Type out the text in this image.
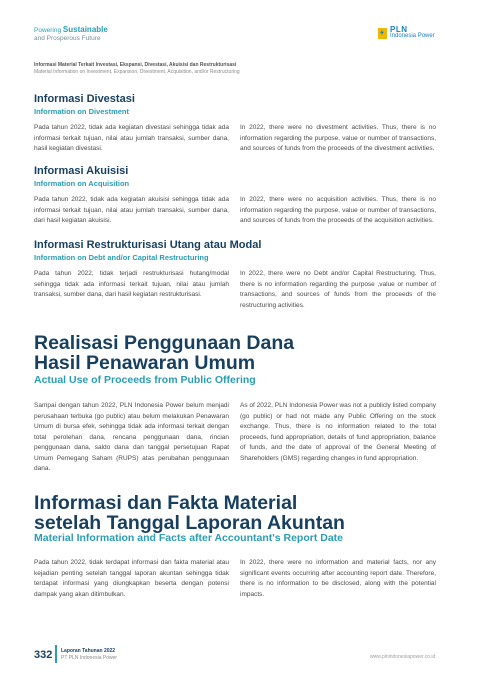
Powering Sustainable
and Prosperous Future
PLN
Indonesia Power
Informasi Material Terkait Investasi, Ekspansi, Divestasi, Akuisisi dan Restrukturisasi
Material Information on Investment, Expansion, Divestment, Acquisition, and/or Restructuring
Informasi Divestasi
Information on Divestment
Pada tahun 2022, tidak ada kegiatan divestasi sehingga tidak ada informasi terkait tujuan, nilai atau jumlah transaksi, sumber dana, hasil kegiatan divestasi.
In 2022, there were no divestment activities. Thus, there is no information regarding the purpose, value or number of transactions, and sources of funds from the proceeds of the divestment activities.
Informasi Akuisisi
Information on Acquisition
Pada tahun 2022, tidak ada kegiatan akuisisi sehingga tidak ada informasi terkait tujuan, nilai atau jumlah transaksi, sumber dana, dari hasil kegiatan akuisisi.
In 2022, there were no acquisition activities. Thus, there is no information regarding the purpose, value or number of transactions, and sources of funds from the proceeds of the acquisition activities.
Informasi Restrukturisasi Utang atau Modal
Information on Debt and/or Capital Restructuring
Pada tahun 2022, tidak terjadi restrukturisasi hutang/modal sehingga tidak ada informasi terkait tujuan, nilai atau jumlah transaksi, sumber dana, dari hasil kegiatan restrukturisasi.
In 2022, there were no Debt and/or Capital Restructuring. Thus, there is no information regarding the purpose ,value or number of transactions, and sources of funds from the proceeds of the restructuring activities.
Realisasi Penggunaan Dana
Hasil Penawaran Umum
Actual Use of Proceeds from Public Offering
Sampai dengan tahun 2022, PLN Indonesia Power belum menjadi perusahaan terbuka (go public) atau belum melakukan Penawaran Umum di bursa efek, sehingga tidak ada informasi terkait dengan total perolehan dana, rencana penggunaan dana, rincian penggunaan dana, saldo dana dan tanggal persetujuan Rapat Umum Pemegang Saham (RUPS) atas perubahan penggunaan dana.
As of 2022, PLN Indonesia Power was not a publicly listed company (go public) or had not made any Public Offering on the stock exchange. Thus, there is no information related to the total proceeds, fund appropriation, details of fund appropriation, balance of funds, and the date of approval of the General Meeting of Shareholders (GMS) regarding changes in fund appropriation.
Informasi dan Fakta Material
setelah Tanggal Laporan Akuntan
Material Information and Facts after Accountant's Report Date
Pada tahun 2022, tidak terdapat informasi dan fakta material atau kejadian penting setelah tanggal laporan akuntan sehingga tidak terdapat informasi yang diungkapkan beserta dengan potensi dampak yang akan ditimbulkan.
In 2022, there were no information and material facts, nor any significant events occurring after accounting report date. Therefore, there is no information to be disclosed, along with the potential impacts.
332 Laporan Tahunan 2022
PT PLN Indonesia Power	www.plnindonesiapower.co.id
